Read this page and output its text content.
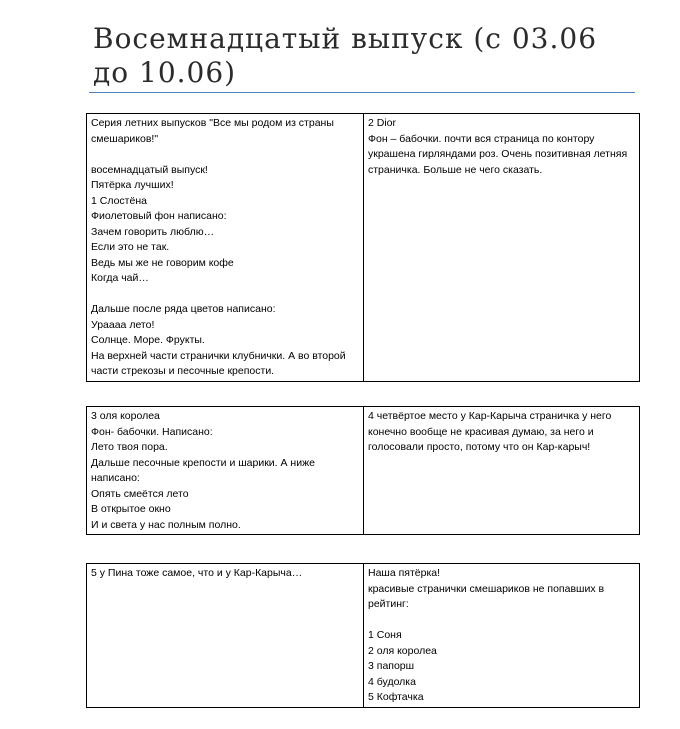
Восемнадцатый выпуск (с 03.06 до 10.06)
Серия летних выпусков "Все мы родом из страны смешариков!"

восемнадцатый выпуск!
Пятёрка лучших!
1 Слостёна
Фиолетовый фон написано:
Зачем говорить люблю…
Если это не так.
Ведь мы же не говорим кофе
Когда чай…

Дальше после ряда цветов написано:
Ураааа лето!
Солнце. Море. Фрукты.
На верхней части странички клубнички. А во второй части стрекозы и песочные крепости.	2 Dior
Фон – бабочки. почти вся страница по контору украшена гирляндами роз. Очень позитивная летняя страничка. Больше не чего сказать.
3 оля королеа
Фон- бабочки. Написано:
Лето твоя пора.
Дальше песочные крепости и шарики. А ниже написано:
Опять смеётся лето
В открытое окно
И и света у нас полным полно.	4 четвёртое место у Кар-Карыча страничка у него конечно вообще не красивая думаю, за него и голосовали просто, потому что он Кар-карыч!
5 у Пина тоже самое, что и у Кар-Карыча…	Наша пятёрка!
красивые странички смешариков не попавших в рейтинг:

1 Соня
2 оля королеа
3 папорш
4 будолка
5 Кофтачка
